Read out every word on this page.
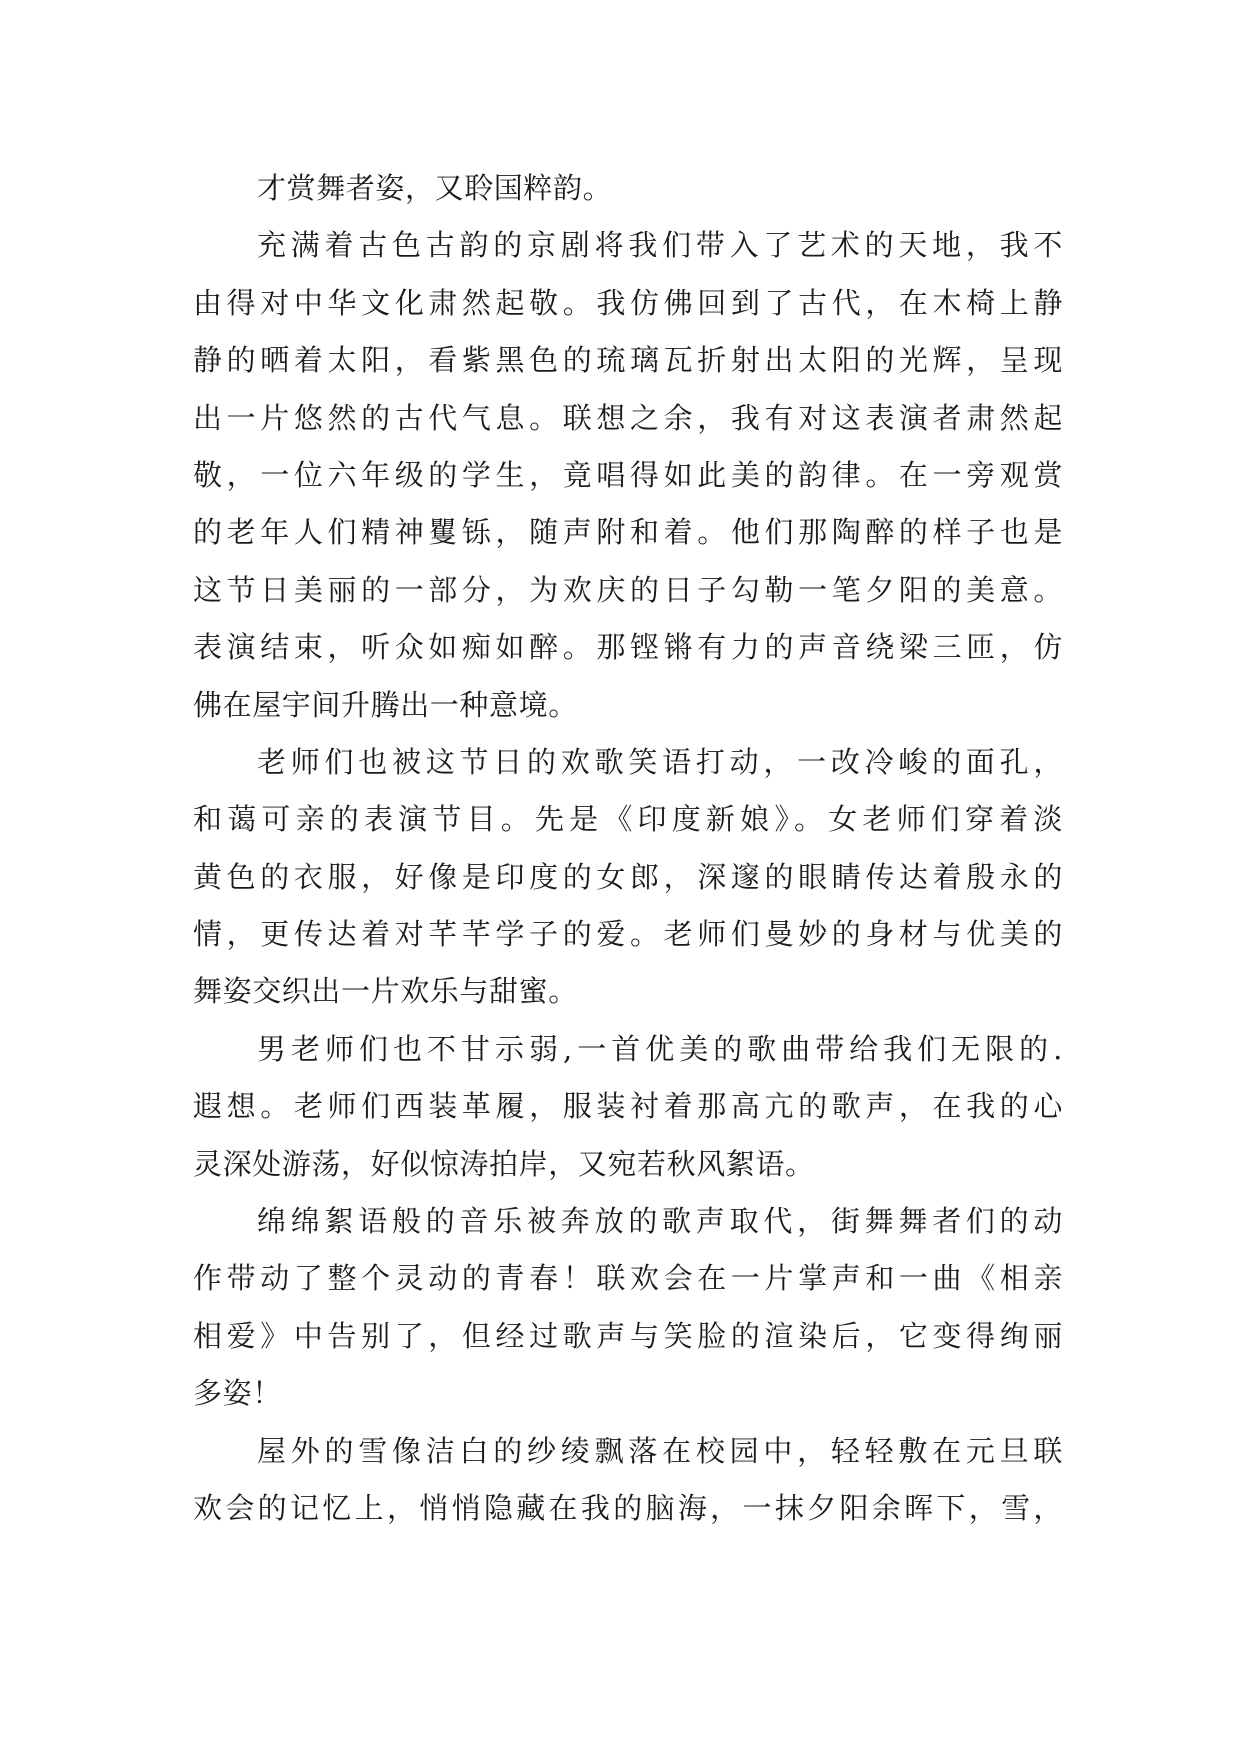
才赏舞者姿，又聆国粹韵。
充满着古色古韵的京剧将我们带入了艺术的天地，我不
由得对中华文化肃然起敬。我仿佛回到了古代，在木椅上静
静的晒着太阳，看紫黑色的琉璃瓦折射出太阳的光辉，呈现
出一片悠然的古代气息。联想之余，我有对这表演者肃然起
敬，一位六年级的学生，竟唱得如此美的韵律。在一旁观赏
的老年人们精神矍铄，随声附和着。他们那陶醉的样子也是
这节日美丽的一部分，为欢庆的日子勾勒一笔夕阳的美意。
表演结束，听众如痴如醉。那铿锵有力的声音绕梁三匝，仿
佛在屋宇间升腾出一种意境。
老师们也被这节日的欢歌笑语打动，一改冷峻的面孔，
和蔼可亲的表演节目。先是《印度新娘》。女老师们穿着淡
黄色的衣服，好像是印度的女郎，深邃的眼睛传达着殷永的
情，更传达着对芊芊学子的爱。老师们曼妙的身材与优美的
舞姿交织出一片欢乐与甜蜜。
男老师们也不甘示弱,一首优美的歌曲带给我们无限的.
遐想。老师们西装革履，服装衬着那高亢的歌声，在我的心
灵深处游荡，好似惊涛拍岸，又宛若秋风絮语。
绵绵絮语般的音乐被奔放的歌声取代，街舞舞者们的动
作带动了整个灵动的青春！联欢会在一片掌声和一曲《相亲
相爱》中告别了，但经过歌声与笑脸的渲染后，它变得绚丽
多姿！
屋外的雪像洁白的纱绫飘落在校园中，轻轻敷在元旦联
欢会的记忆上，悄悄隐藏在我的脑海，一抹夕阳余晖下，雪，
